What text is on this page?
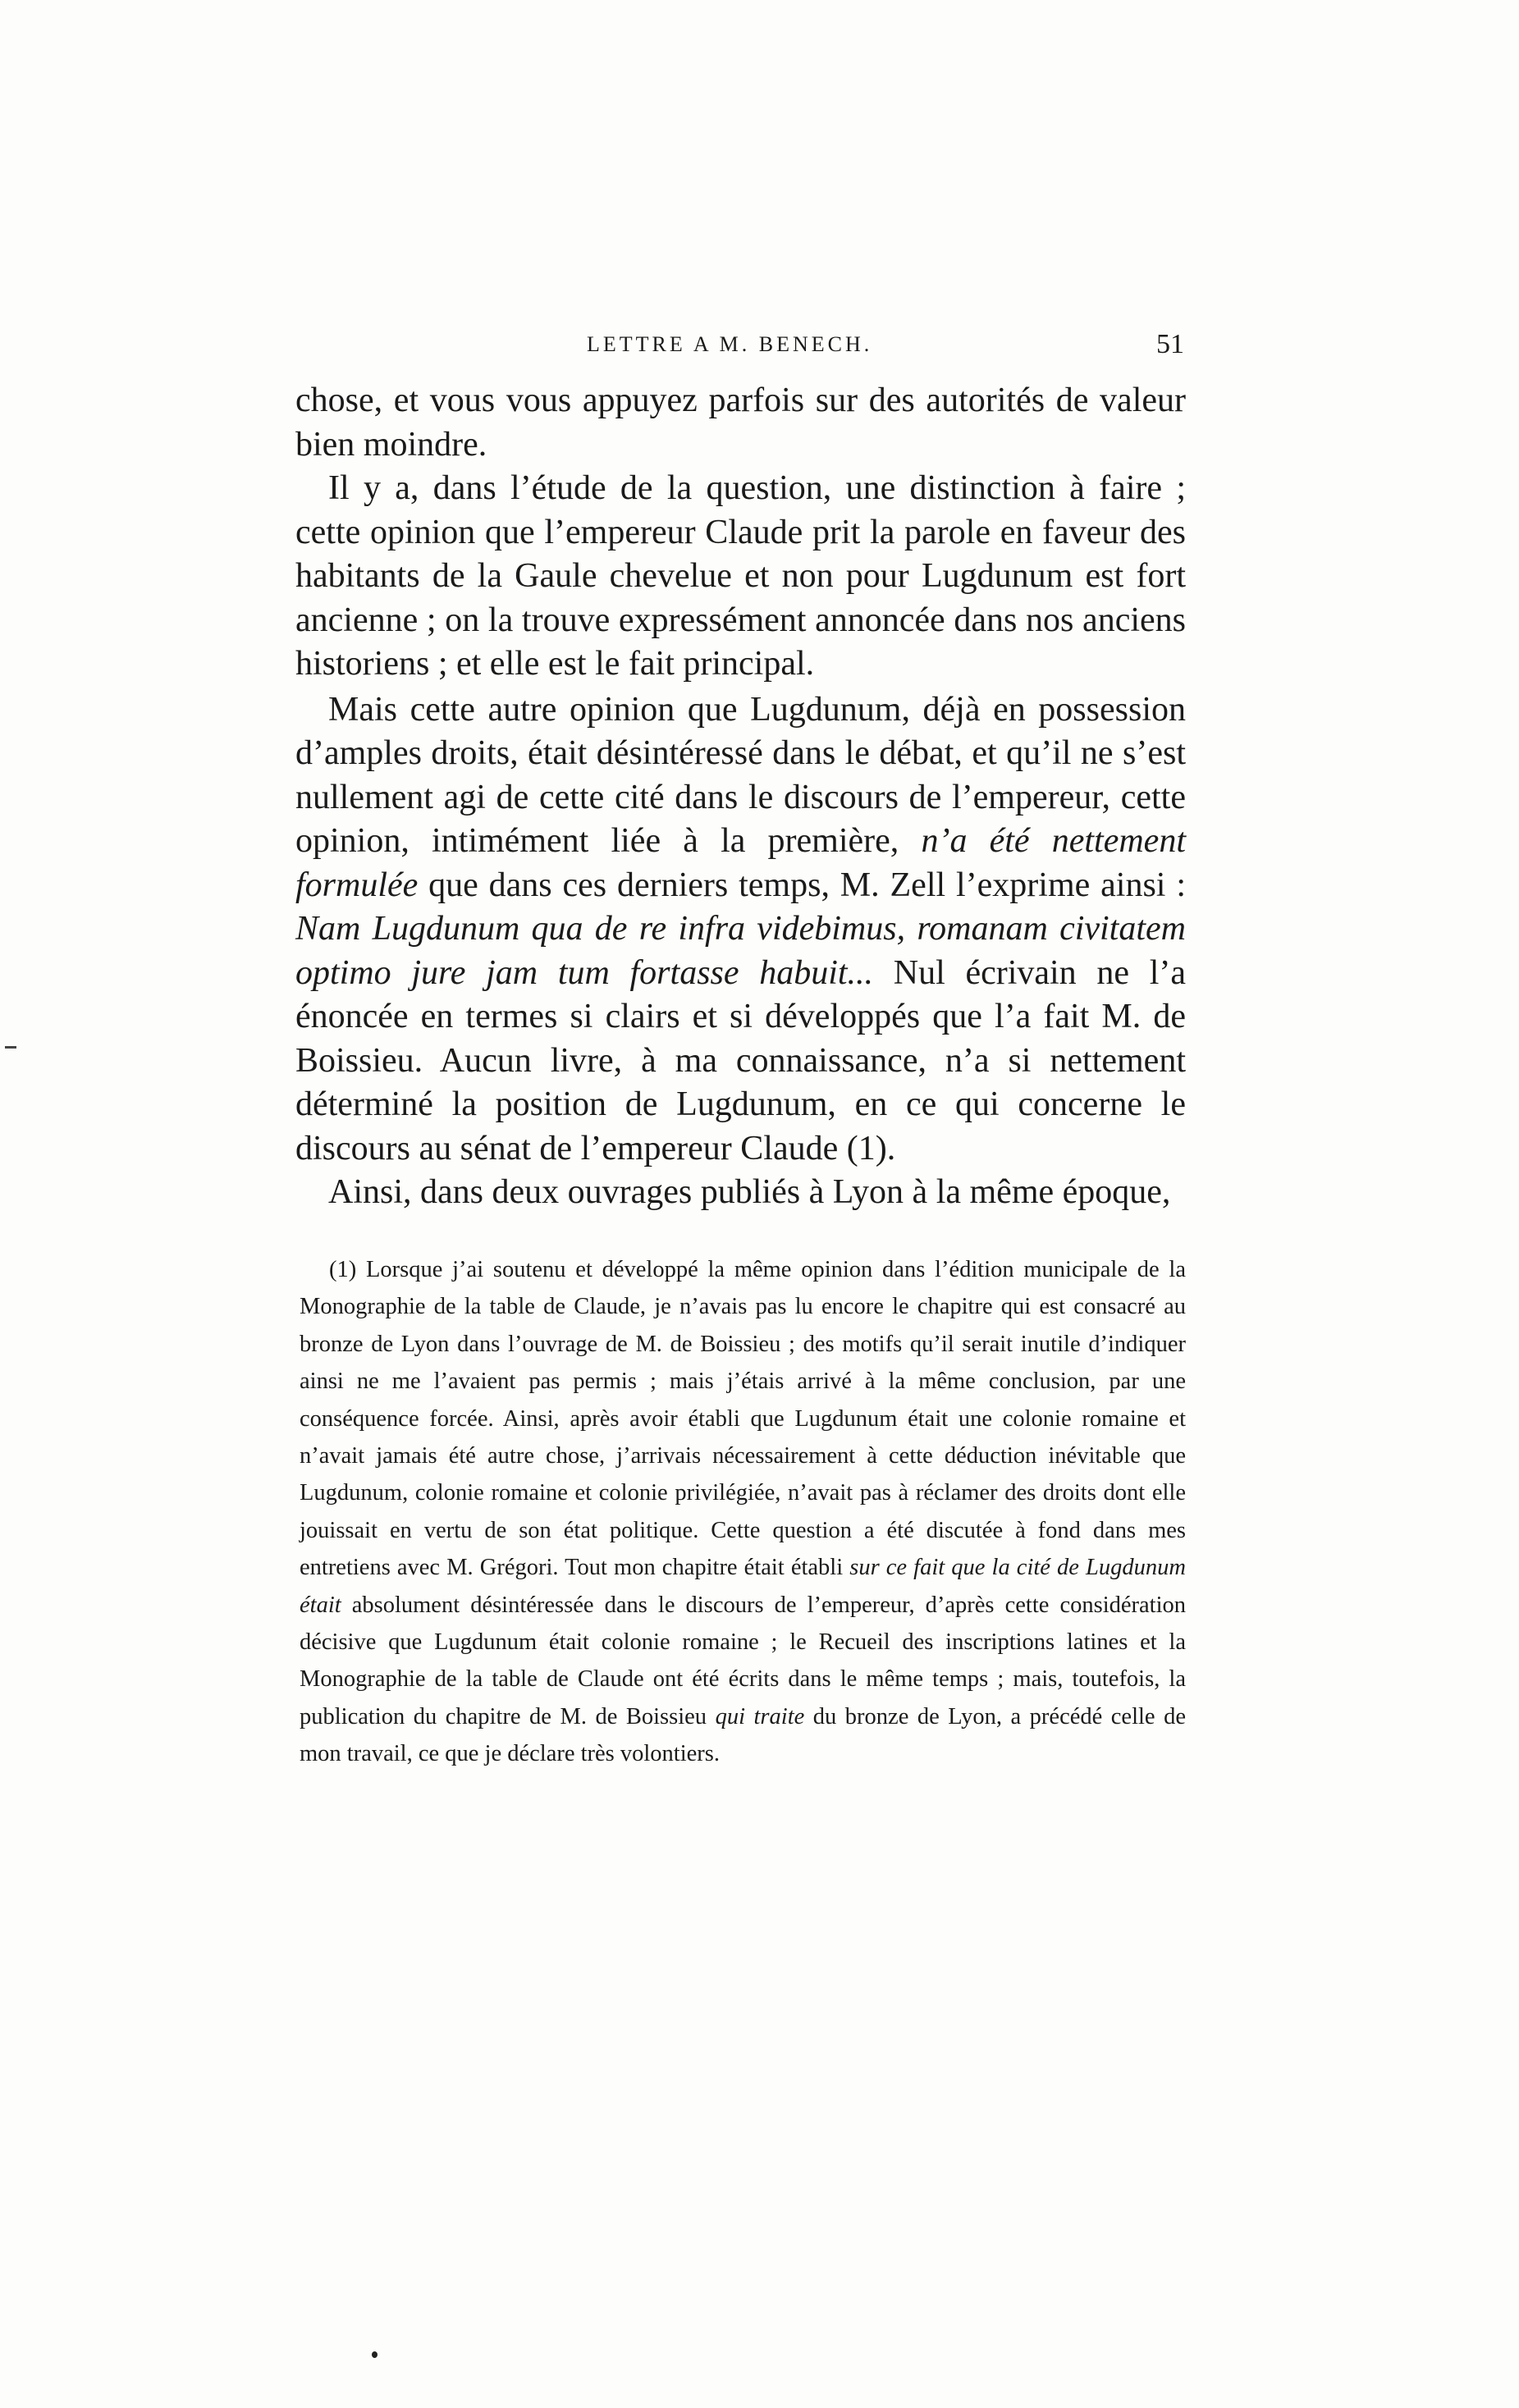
LETTRE A M. BENECH.	51

chose, et vous vous appuyez parfois sur des autorités de valeur bien moindre.

Il y a, dans l’étude de la question, une distinction à faire ; cette opinion que l’empereur Claude prit la parole en faveur des habitants de la Gaule chevelue et non pour Lugdunum est fort ancienne ; on la trouve expressément annoncée dans nos anciens historiens ; et elle est le fait principal.

Mais cette autre opinion que Lugdunum, déjà en possession d’amples droits, était désintéressé dans le débat, et qu’il ne s’est nullement agi de cette cité dans le discours de l’empereur, cette opinion, intimément liée à la première, n’a été nettement formulée que dans ces derniers temps, M. Zell l’exprime ainsi : Nam Lugdunum qua de re infra videbimus, romanam civitatem optimo jure jam tum fortasse habuit... Nul écrivain ne l’a énoncée en termes si clairs et si développés que l’a fait M. de Boissieu. Aucun livre, à ma connaissance, n’a si nettement déterminé la position de Lugdunum, en ce qui concerne le discours au sénat de l’empereur Claude (1).

Ainsi, dans deux ouvrages publiés à Lyon à la même époque,

(1) Lorsque j’ai soutenu et développé la même opinion dans l’édition municipale de la Monographie de la table de Claude, je n’avais pas lu encore le chapitre qui est consacré au bronze de Lyon dans l’ouvrage de M. de Boissieu ; des motifs qu’il serait inutile d’indiquer ainsi ne me l’avaient pas permis ; mais j’étais arrivé à la même conclusion, par une conséquence forcée. Ainsi, après avoir établi que Lugdunum était une colonie romaine et n’avait jamais été autre chose, j’arrivais nécessairement à cette déduction inévitable que Lugdunum, colonie romaine et colonie privilégiée, n’avait pas à réclamer des droits dont elle jouissait en vertu de son état politique. Cette question a été discutée à fond dans mes entretiens avec M. Grégori. Tout mon chapitre était établi sur ce fait que la cité de Lugdunum était absolument désintéressée dans le discours de l’empereur, d’après cette considération décisive que Lugdunum était colonie romaine ; le Recueil des inscriptions latines et la Monographie de la table de Claude ont été écrits dans le même temps ; mais, toutefois, la publication du chapitre de M. de Boissieu qui traite du bronze de Lyon, a précédé celle de mon travail, ce que je déclare très volontiers.
